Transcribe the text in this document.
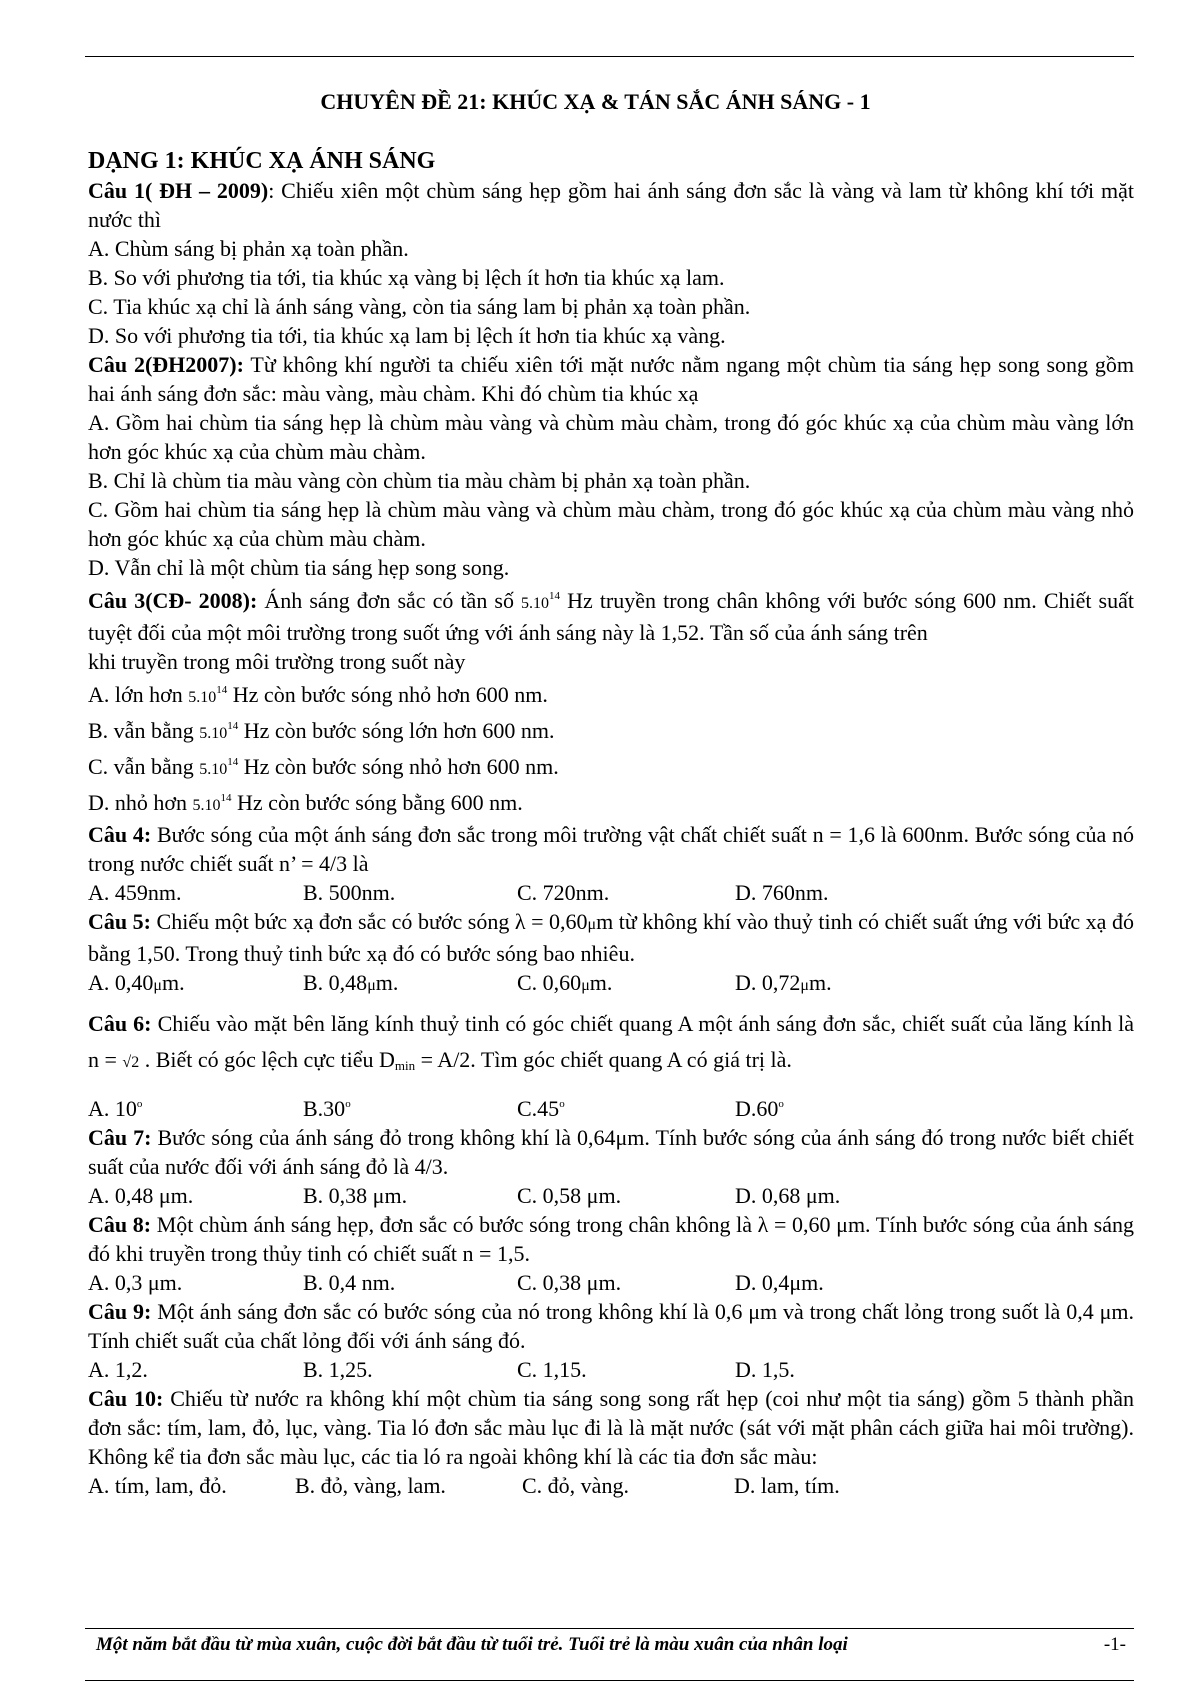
CHUYÊN ĐỀ 21: KHÚC XẠ & TÁN SẮC ÁNH SÁNG - 1
DẠNG 1: KHÚC XẠ ÁNH SÁNG
Câu 1( ĐH – 2009): Chiếu xiên một chùm sáng hẹp gồm hai ánh sáng đơn sắc là vàng và lam từ không khí tới mặt nước thì
A. Chùm sáng bị phản xạ toàn phần.
B. So với phương tia tới, tia khúc xạ vàng bị lệch ít hơn tia khúc xạ lam.
C. Tia khúc xạ chỉ là ánh sáng vàng, còn tia sáng lam bị phản xạ toàn phần.
D. So với phương tia tới, tia khúc xạ lam bị lệch ít hơn tia khúc xạ vàng.
Câu 2(ĐH2007): Từ không khí người ta chiếu xiên tới mặt nước nằm ngang một chùm tia sáng hẹp song song gồm hai ánh sáng đơn sắc: màu vàng, màu chàm. Khi đó chùm tia khúc xạ
A. Gồm hai chùm tia sáng hẹp là chùm màu vàng và chùm màu chàm, trong đó góc khúc xạ của chùm màu vàng lớn hơn góc khúc xạ của chùm màu chàm.
B. Chỉ là chùm tia màu vàng còn chùm tia màu chàm bị phản xạ toàn phần.
C. Gồm hai chùm tia sáng hẹp là chùm màu vàng và chùm màu chàm, trong đó góc khúc xạ của chùm màu vàng nhỏ hơn góc khúc xạ của chùm màu chàm.
D. Vẫn chỉ là một chùm tia sáng hẹp song song.
Câu 3(CĐ- 2008): Ánh sáng đơn sắc có tần số 5.10$^{14}$ Hz truyền trong chân không với bước sóng 600 nm. Chiết suất tuyệt đối của một môi trường trong suốt ứng với ánh sáng này là 1,52. Tần số của ánh sáng trên
khi truyền trong môi trường trong suốt này
A. lớn hơn 5.10$^{14}$ Hz còn bước sóng nhỏ hơn 600 nm.
B. vẫn bằng 5.10$^{14}$ Hz còn bước sóng lớn hơn 600 nm.
C. vẫn bằng 5.10$^{14}$ Hz còn bước sóng nhỏ hơn 600 nm.
D. nhỏ hơn 5.10$^{14}$ Hz còn bước sóng bằng 600 nm.
Câu 4: Bước sóng của một ánh sáng đơn sắc trong môi trường vật chất chiết suất n = 1,6 là 600nm. Bước sóng của nó trong nước chiết suất n’ = 4/3 là
A. 459nm.	B. 500nm.	C. 720nm.	D. 760nm.
Câu 5: Chiếu một bức xạ đơn sắc có bước sóng λ = 0,60μm từ không khí vào thuỷ tinh có chiết suất ứng với bức xạ đó bằng 1,50. Trong thuỷ tinh bức xạ đó có bước sóng bao nhiêu.
A. 0,40μm.	B. 0,48μm.	C. 0,60μm.	D. 0,72μm.
Câu 6: Chiếu vào mặt bên lăng kính thuỷ tinh có góc chiết quang A một ánh sáng đơn sắc, chiết suất của lăng kính là n = √2 . Biết có góc lệch cực tiểu $D_{min} = A/2$. Tìm góc chiết quang A có giá trị là.
A. 10o	B.30o	C.45o	D.60o
Câu 7: Bước sóng của ánh sáng đỏ trong không khí là 0,64μm. Tính bước sóng của ánh sáng đó trong nước biết chiết suất của nước đối với ánh sáng đỏ là 4/3.
A. 0,48 μm.	B. 0,38 μm.	C. 0,58 μm.	D. 0,68 μm.
Câu 8: Một chùm ánh sáng hẹp, đơn sắc có bước sóng trong chân không là λ = 0,60 μm. Tính bước sóng của ánh sáng đó khi truyền trong thủy tinh có chiết suất n = 1,5.
A. 0,3 μm.	B. 0,4 nm.	C. 0,38 μm.	D. 0,4μm.
Câu 9: Một ánh sáng đơn sắc có bước sóng của nó trong không khí là 0,6 μm và trong chất lỏng trong suốt là 0,4 μm. Tính chiết suất của chất lỏng đối với ánh sáng đó.
A. 1,2.	B. 1,25.	C. 1,15.	D. 1,5.
Câu 10: Chiếu từ nước ra không khí một chùm tia sáng song song rất hẹp (coi như một tia sáng) gồm 5 thành phần đơn sắc: tím, lam, đỏ, lục, vàng. Tia ló đơn sắc màu lục đi là là mặt nước (sát với mặt phân cách giữa hai môi trường). Không kể tia đơn sắc màu lục, các tia ló ra ngoài không khí là các tia đơn sắc màu:
A. tím, lam, đỏ.	B. đỏ, vàng, lam.	C. đỏ, vàng.	D. lam, tím.
Một năm bắt đầu từ mùa xuân, cuộc đời bắt đầu từ tuổi trẻ. Tuổi trẻ là màu xuân của nhân loại	-1-
